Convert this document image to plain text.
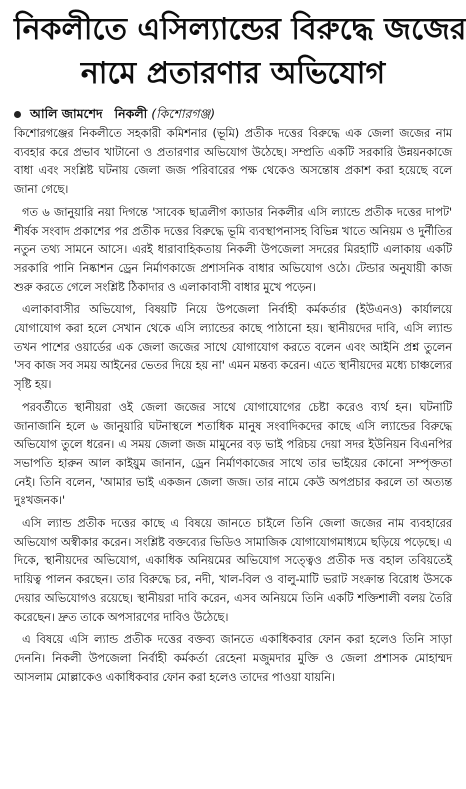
নিকলীতে এসিল্যান্ডের বিরুদ্ধে জজের
নামে প্রতারণার অভিযোগ
আলি জামশেদ নিকলী (কিশোরগঞ্জ)

কিশোরগঞ্জের নিকলীতে সহকারী কমিশনার (ভূমি) প্রতীক দত্তের বিরুদ্ধে এক জেলা জজের নাম ব্যবহার করে প্রভাব খাটানো ও প্রতারণার অভিযোগ উঠেছে। সম্প্রতি একটি সরকারি উন্নয়নকাজে বাধা এবং সংশ্লিষ্ট ঘটনায় জেলা জজ পরিবারের পক্ষ থেকেও অসন্তোষ প্রকাশ করা হয়েছে বলে জানা গেছে।

গত ৬ জানুয়ারি নয়া দিগন্তে 'সাবেক ছাত্রলীগ ক্যাডার নিকলীর এসি ল্যান্ডে প্রতীক দত্তের দাপট' শীর্ষক সংবাদ প্রকাশের পর প্রতীক দত্তের বিরুদ্ধে ভূমি ব্যবস্থাপনাসহ বিভিন্ন খাতে অনিয়ম ও দুর্নীতির নতুন তথ্য সামনে আসে। এরই ধারাবাহিকতায় নিকলী উপজেলা সদরের মিরহাটি এলাকায় একটি সরকারি পানি নিষ্কাশন ড্রেন নির্মাণকাজে প্রশাসনিক বাধার অভিযোগ ওঠে। টেন্ডার অনুযায়ী কাজ শুরু করতে গেলে সংশ্লিষ্ট ঠিকাদার ও এলাকাবাসী বাধার মুখে পড়েন।

এলাকাবাসীর অভিযোগ, বিষয়টি নিয়ে উপজেলা নির্বাহী কর্মকর্তার (ইউএনও) কার্যালয়ে যোগাযোগ করা হলে সেখান থেকে এসি ল্যান্ডের কাছে পাঠানো হয়। স্থানীয়দের দাবি, এসি ল্যান্ড তখন পাশের ওয়ার্ডের এক জেলা জজের সাথে যোগাযোগ করতে বলেন এবং আইনি প্রশ্ন তুলেন 'সব কাজ সব সময় আইনের ভেতর দিয়ে হয় না' এমন মন্তব্য করেন। এতে স্থানীয়দের মধ্যে চাঞ্চল্যের সৃষ্টি হয়।

পরবর্তীতে স্থানীয়রা ওই জেলা জজের সাথে যোগাযোগের চেষ্টা করেও ব্যর্থ হন। ঘটনাটি জানাজানি হলে ৬ জানুয়ারি ঘটনাস্থলে শতাধিক মানুষ সংবাদিকদের কাছে এসি ল্যান্ডের বিরুদ্ধে অভিযোগ তুলে ধরেন। এ সময় জেলা জজ মামুনের বড় ভাই পরিচয় দেয়া সদর ইউনিয়ন বিএনপির সভাপতি হারুন আল কাইয়ুম জানান, ড্রেন নির্মাণকাজের সাথে তার ভাইয়ের কোনো সম্পৃক্ততা নেই। তিনি বলেন, 'আমার ভাই একজন জেলা জজ। তার নামে কেউ অপপ্রচার করলে তা অত্যন্ত দুঃখজনক।'

এসি ল্যান্ড প্রতীক দত্তের কাছে এ বিষয়ে জানতে চাইলে তিনি জেলা জজের নাম ব্যবহারের অভিযোগ অস্বীকার করেন। সংশ্লিষ্ট বক্তব্যের ভিডিও সামাজিক যোগাযোগমাধ্যমে ছড়িয়ে পড়েছে। এ দিকে, স্থানীয়দের অভিযোগ, একাধিক অনিয়মের অভিযোগ সত্ত্বেও প্রতীক দত্ত বহাল তবিয়তেই দায়িত্ব পালন করছেন। তার বিরুদ্ধে চর, নদী, খাল-বিল ও বালু-মাটি ভরাট সংক্রান্ত বিরোধ উসকে দেয়ার অভিযোগও রয়েছে। স্থানীয়রা দাবি করেন, এসব অনিয়মে তিনি একটি শক্তিশালী বলয় তৈরি করেছেন। দ্রুত তাকে অপসারণের দাবিও উঠেছে।

এ বিষয়ে এসি ল্যান্ড প্রতীক দত্তের বক্তব্য জানতে একাধিকবার ফোন করা হলেও তিনি সাড়া দেননি। নিকলী উপজেলা নির্বাহী কর্মকর্তা রেহেনা মজুমদার মুক্তি ও জেলা প্রশাসক মোহাম্মদ আসলাম মোল্লাকেও একাধিকবার ফোন করা হলেও তাদের পাওয়া যায়নি।
